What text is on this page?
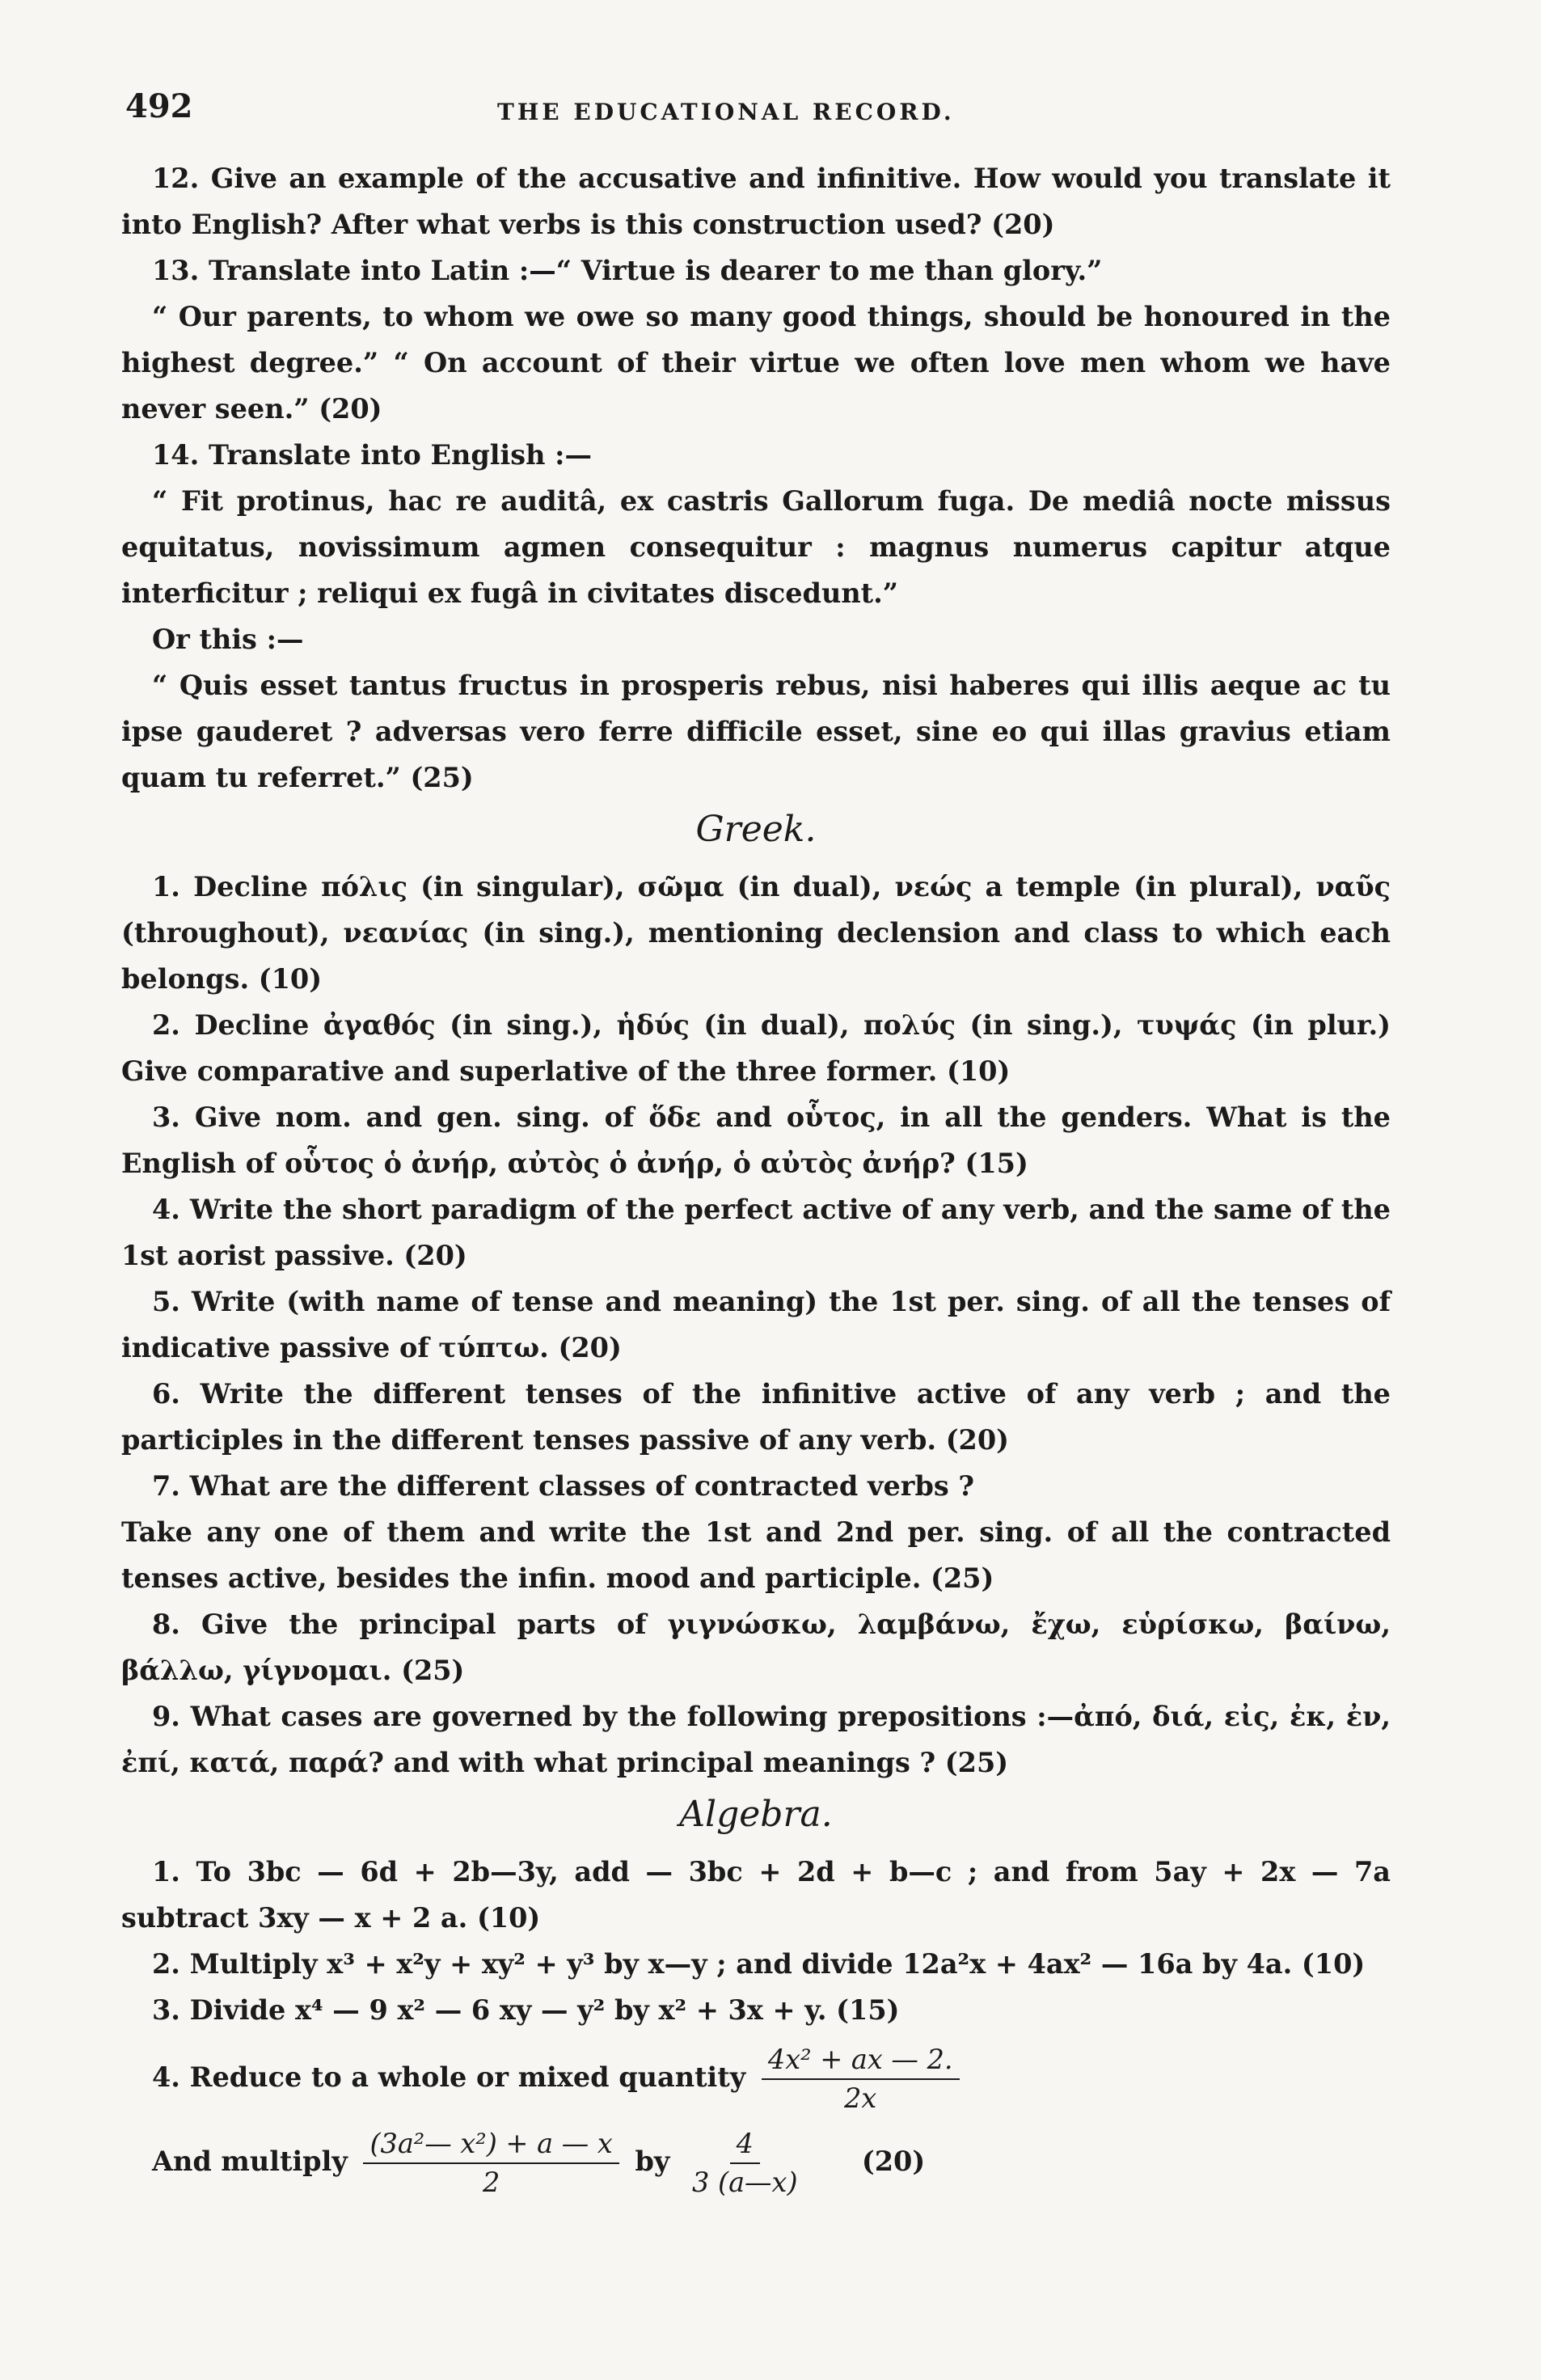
492	THE EDUCATIONAL RECORD.

12. Give an example of the accusative and infinitive. How would you translate it into English? After what verbs is this construction used? (20)

13. Translate into Latin :—“ Virtue is dearer to me than glory.”

“ Our parents, to whom we owe so many good things, should be honoured in the highest degree.” “ On account of their virtue we often love men whom we have never seen.” (20)

14. Translate into English :—

“ Fit protinus, hac re auditâ, ex castris Gallorum fuga. De mediâ nocte missus equitatus, novissimum agmen consequitur : magnus numerus capitur atque interficitur ; reliqui ex fugâ in civitates discedunt.”

Or this :—

“ Quis esset tantus fructus in prosperis rebus, nisi haberes qui illis aeque ac tu ipse gauderet ? adversas vero ferre difficile esset, sine eo qui illas gravius etiam quam tu referret.” (25)

Greek.

1. Decline πόλις (in singular), σῶμα (in dual), νεώς a temple (in plural), ναῦς (throughout), νεανίας (in sing.), mentioning declension and class to which each belongs. (10)

2. Decline ἀγαθός (in sing.), ἡδύς (in dual), πολύς (in sing.), τυψάς (in plur.) Give comparative and superlative of the three former. (10)

3. Give nom. and gen. sing. of ὅδε and οὗτος, in all the genders. What is the English of οὗτος ὁ ἀνήρ, αὐτὸς ὁ ἀνήρ, ὁ αὐτὸς ἀνήρ? (15)

4. Write the short paradigm of the perfect active of any verb, and the same of the 1st aorist passive. (20)

5. Write (with name of tense and meaning) the 1st per. sing. of all the tenses of indicative passive of τύπτω. (20)

6. Write the different tenses of the infinitive active of any verb ; and the participles in the different tenses passive of any verb. (20)

7. What are the different classes of contracted verbs ?

Take any one of them and write the 1st and 2nd per. sing. of all the contracted tenses active, besides the infin. mood and participle. (25)

8. Give the principal parts of γιγνώσκω, λαμβάνω, ἔχω, εὑρίσκω, βαίνω, βάλλω, γίγνομαι. (25)

9. What cases are governed by the following prepositions :—ἀπό, διά, εἰς, ἐκ, ἐν, ἐπί, κατά, παρά? and with what principal meanings ? (25)

Algebra.

1. To 3bc — 6d + 2b—3y, add — 3bc + 2d + b—c ; and from 5ay + 2x — 7a subtract 3xy — x + 2 a. (10)

2. Multiply x³ + x²y + xy² + y³ by x—y ; and divide 12a²x + 4ax² — 16a by 4a. (10)

3. Divide x⁴ — 9 x² — 6 xy — y² by x² + 3x + y. (15)

4. Reduce to a whole or mixed quantity $\frac{\text{4x² + ax — 2.}}{2x}$
And multiply $\frac{\text{(3a²— x²) + a — x}}{2}$ by $\frac{4}{3 (a—x)} (20)$
